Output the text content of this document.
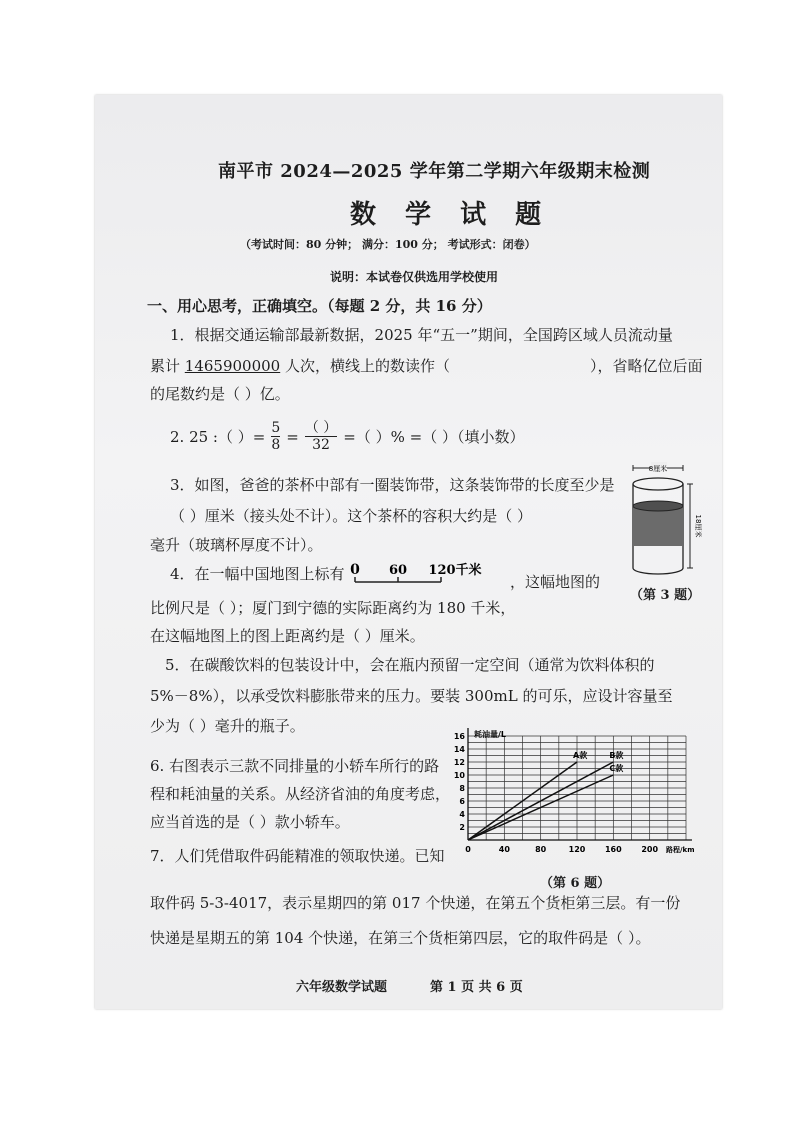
南平市 2024—2025 学年第二学期六年级期末检测
数 学 试 题
（考试时间：80 分钟； 满分：100 分； 考试形式：闭卷）
说明：本试卷仅供选用学校使用
一、用心思考，正确填空。（每题 2 分，共 16 分）
1．根据交通运输部最新数据，2025 年“五一”期间，全国跨区域人员流动量
累计 1465900000 人次，横线上的数读作（	），省略亿位后面
的尾数约是（ ）亿。
2. 25 :（ ）= $\frac{5}{8} = \frac{( )}{32}$ =（ ）% =（ ）（填小数）
3．如图，爸爸的茶杯中部有一圈装饰带，这条装饰带的长度至少是
（ ）厘米（接头处不计）。这个茶杯的容积大约是（ ）
毫升（玻璃杯厚度不计）。
8厘米
18厘米
（第 3 题）
4．在一幅中国地图上标有 0 60 120千米
，这幅地图的
比例尺是（ ）；厦门到宁德的实际距离约为 180 千米，
在这幅地图上的图上距离约是（ ）厘米。
5．在碳酸饮料的包装设计中，会在瓶内预留一定空间（通常为饮料体积的
5%－8%），以承受饮料膨胀带来的压力。要装 300mL 的可乐，应设计容量至
少为（ ）毫升的瓶子。
6. 右图表示三款不同排量的小轿车所行的路
程和耗油量的关系。从经济省油的角度考虑，
应当首选的是（ ）款小轿车。
0	40	80	120 160 200
2
4
6
8
10
12
14
16 耗油量/L
路程/km
A款	B款
C款
（第 6 题）
7．人们凭借取件码能精准的领取快递。已知
取件码 5-3-4017，表示星期四的第 017 个快递，在第五个货柜第三层。有一份
快递是星期五的第 104 个快递，在第三个货柜第四层，它的取件码是（ ）。
六年级数学试题	第 1 页 共 6 页
